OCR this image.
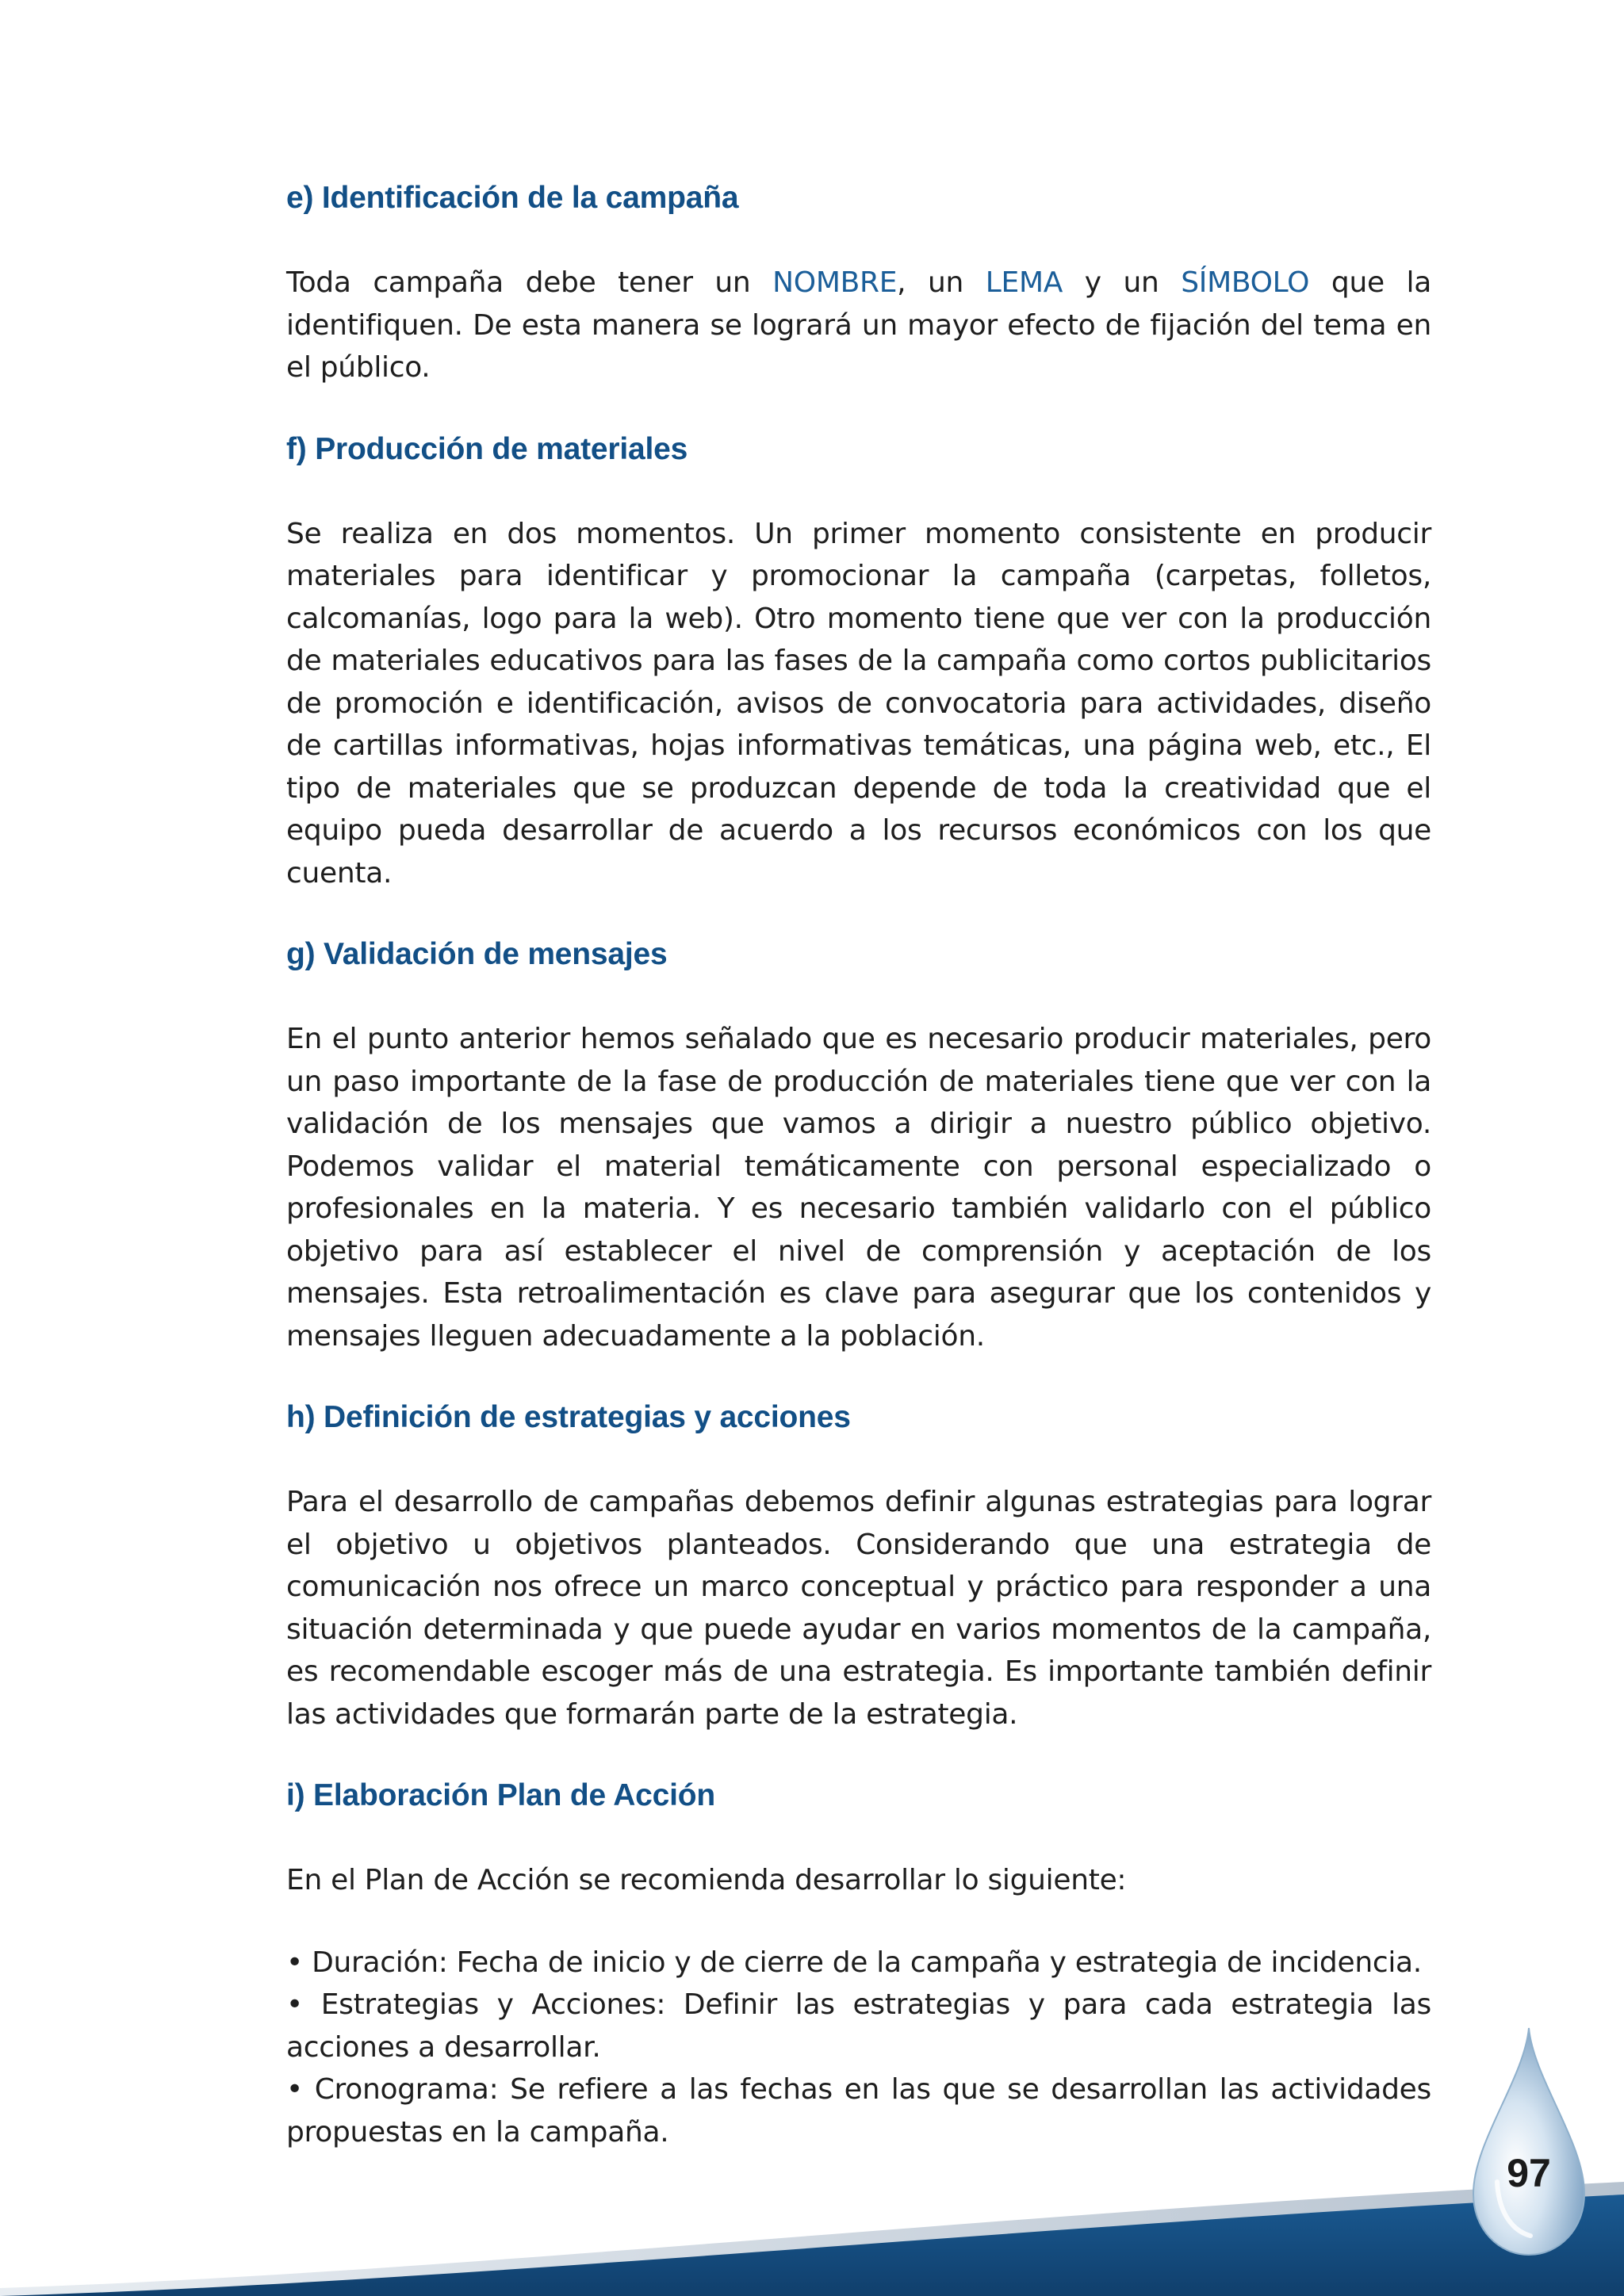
e) Identificación de la campaña

Toda campaña debe tener un NOMBRE, un LEMA y un SÍMBOLO que la identifiquen. De esta manera se logrará un mayor efecto de fijación del tema en el público.

f) Producción de materiales

Se realiza en dos momentos. Un primer momento consistente en producir materiales para identificar y promocionar la campaña (carpetas, folletos, calcomanías, logo para la web). Otro momento tiene que ver con la producción de materiales educativos para las fases de la campaña como cortos publicitarios de promoción e identificación, avisos de convocatoria para actividades, diseño de cartillas informativas, hojas informativas temáticas, una página web, etc., El tipo de materiales que se produzcan depende de toda la creatividad que el equipo pueda desarrollar de acuerdo a los recursos económicos con los que cuenta.

g) Validación de mensajes

En el punto anterior hemos señalado que es necesario producir materiales, pero un paso importante de la fase de producción de materiales tiene que ver con la validación de los mensajes que vamos a dirigir a nuestro público objetivo. Podemos validar el material temáticamente con personal especializado o profesionales en la materia. Y es necesario también validarlo con el público objetivo para así establecer el nivel de comprensión y aceptación de los mensajes. Esta retroalimentación es clave para asegurar que los contenidos y mensajes lleguen adecuadamente a la población.

h) Definición de estrategias y acciones

Para el desarrollo de campañas debemos definir algunas estrategias para lograr el objetivo u objetivos planteados. Considerando que una estrategia de comunicación nos ofrece un marco conceptual y práctico para responder a una situación determinada y que puede ayudar en varios momentos de la campaña, es recomendable escoger más de una estrategia. Es importante también definir las actividades que formarán parte de la estrategia.

i) Elaboración Plan de Acción

En el Plan de Acción se recomienda desarrollar lo siguiente:

• Duración: Fecha de inicio y de cierre de la campaña y estrategia de incidencia.
• Estrategias y Acciones: Definir las estrategias y para cada estrategia las acciones a desarrollar.
• Cronograma: Se refiere a las fechas en las que se desarrollan las actividades propuestas en la campaña.
97
